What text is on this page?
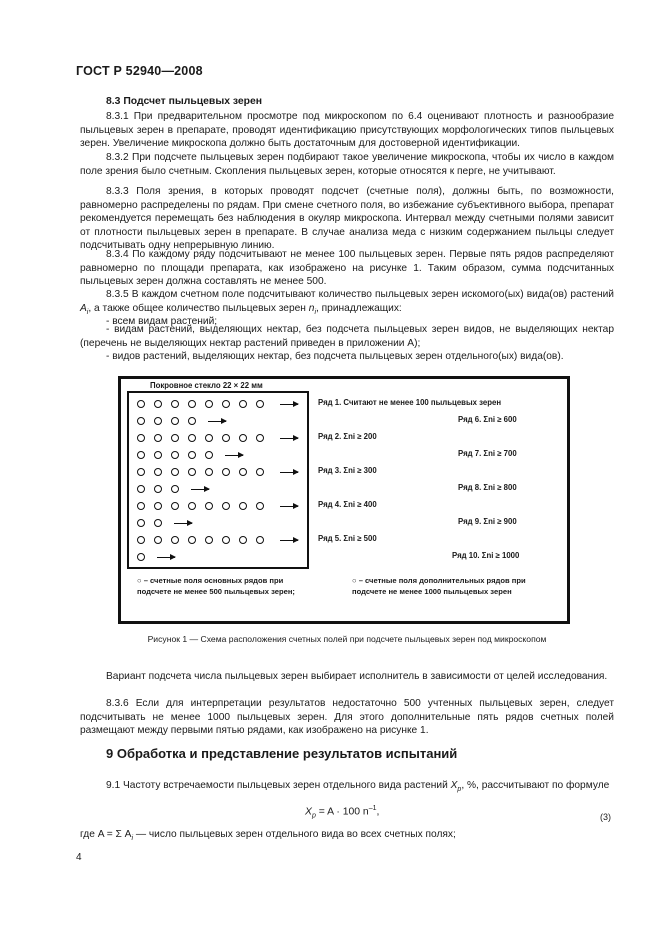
ГОСТ Р 52940—2008
8.3 Подсчет пыльцевых зерен
8.3.1 При предварительном просмотре под микроскопом по 6.4 оценивают плотность и разнообразие пыльцевых зерен в препарате, проводят идентификацию присутствующих морфологических типов пыльцевых зерен. Увеличение микроскопа должно быть достаточным для достоверной идентификации.
8.3.2 При подсчете пыльцевых зерен подбирают такое увеличение микроскопа, чтобы их число в каждом поле зрения было счетным. Скопления пыльцевых зерен, которые относятся к перге, не учитывают.
8.3.3 Поля зрения, в которых проводят подсчет (счетные поля), должны быть, по возможности, равномерно распределены по рядам. При смене счетного поля, во избежание субъективного выбора, препарат рекомендуется перемещать без наблюдения в окуляр микроскопа. Интервал между счетными полями зависит от плотности пыльцевых зерен в препарате. В случае анализа меда с низким содержанием пыльцы следует подсчитывать одну непрерывную линию.
8.3.4 По каждому ряду подсчитывают не менее 100 пыльцевых зерен. Первые пять рядов распределяют равномерно по площади препарата, как изображено на рисунке 1. Таким образом, сумма подсчитанных пыльцевых зерен должна составлять не менее 500.
8.3.5 В каждом счетном поле подсчитывают количество пыльцевых зерен искомого(ых) вида(ов) растений $A_i$, а также общее количество пыльцевых зерен $n_i$, принадлежащих:
- всем видам растений;
- видам растений, выделяющих нектар, без подсчета пыльцевых зерен видов, не выделяющих нектар (перечень не выделяющих нектар растений приведен в приложении А);
- видов растений, выделяющих нектар, без подсчета пыльцевых зерен отдельного(ых) вида(ов).
Покровное стекло 22 × 22 мм
Ряд 1. Считают не менее 100 пыльцевых зерен
Ряд 2. Σni ≥ 200
Ряд 3. Σni ≥ 300
Ряд 4. Σni ≥ 400
Ряд 5. Σni ≥ 500
Ряд 6. Σni ≥ 600
Ряд 7. Σni ≥ 700
Ряд 8. Σni ≥ 800
Ряд 9. Σni ≥ 900
Ряд 10. Σni ≥ 1000
○ – счетные поля основных рядов при подсчете не менее 500 пыльцевых зерен;
○ – счетные поля дополнительных рядов при подсчете не менее 1000 пыльцевых зерен
Рисунок 1 — Схема расположения счетных полей при подсчете пыльцевых зерен под микроскопом
Вариант подсчета числа пыльцевых зерен выбирает исполнитель в зависимости от целей исследования.
8.3.6 Если для интерпретации результатов недостаточно 500 учтенных пыльцевых зерен, следует подсчитывать не менее 1000 пыльцевых зерен. Для этого дополнительные пять рядов счетных полей размещают между первыми пятью рядами, как изображено на рисунке 1.
9 Обработка и представление результатов испытаний
9.1 Частоту встречаемости пыльцевых зерен отдельного вида растений $X_p$, %, рассчитывают по формуле
$X_p = A \cdot 100$ $n^{-1}$,	(3)
где A = Σ $A_i$ — число пыльцевых зерен отдельного вида во всех счетных полях;
4
